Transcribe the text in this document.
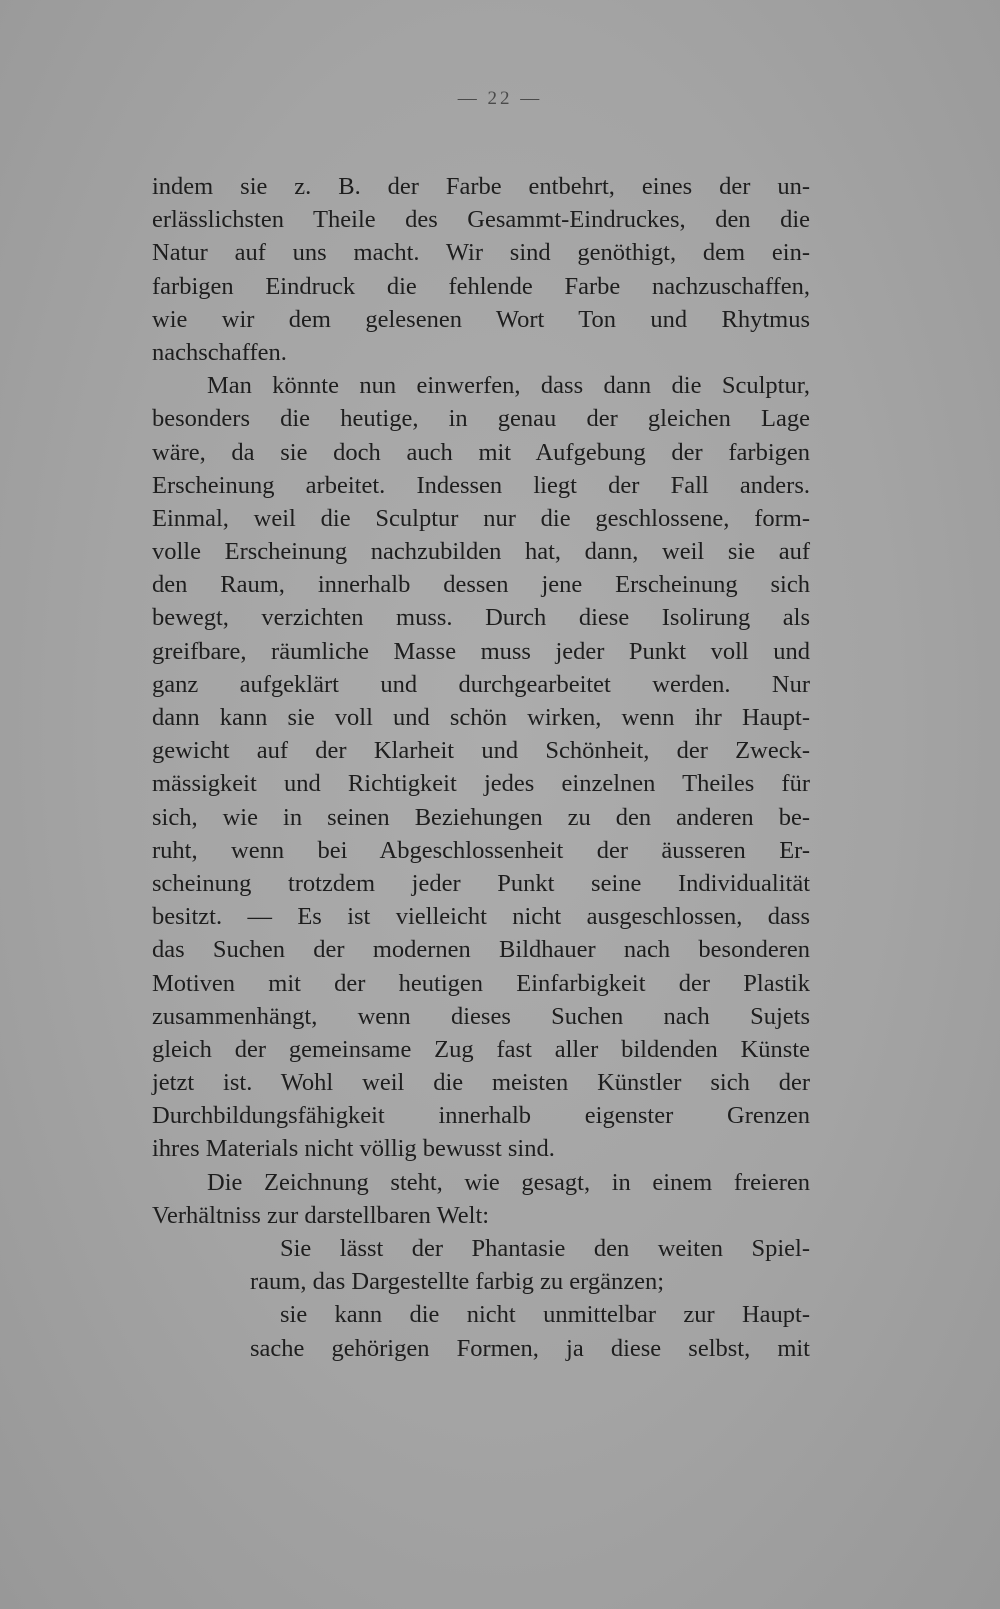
— 22 —
indem sie z. B. der Farbe entbehrt, eines der un-
erlässlichsten Theile des Gesammt-Eindruckes, den die
Natur auf uns macht. Wir sind genöthigt, dem ein-
farbigen Eindruck die fehlende Farbe nachzuschaffen,
wie wir dem gelesenen Wort Ton und Rhytmus
nachschaffen.
Man könnte nun einwerfen, dass dann die Sculptur,
besonders die heutige, in genau der gleichen Lage
wäre, da sie doch auch mit Aufgebung der farbigen
Erscheinung arbeitet. Indessen liegt der Fall anders.
Einmal, weil die Sculptur nur die geschlossene, form-
volle Erscheinung nachzubilden hat, dann, weil sie auf
den Raum, innerhalb dessen jene Erscheinung sich
bewegt, verzichten muss. Durch diese Isolirung als
greifbare, räumliche Masse muss jeder Punkt voll und
ganz aufgeklärt und durchgearbeitet werden. Nur
dann kann sie voll und schön wirken, wenn ihr Haupt-
gewicht auf der Klarheit und Schönheit, der Zweck-
mässigkeit und Richtigkeit jedes einzelnen Theiles für
sich, wie in seinen Beziehungen zu den anderen be-
ruht, wenn bei Abgeschlossenheit der äusseren Er-
scheinung trotzdem jeder Punkt seine Individualität
besitzt. — Es ist vielleicht nicht ausgeschlossen, dass
das Suchen der modernen Bildhauer nach besonderen
Motiven mit der heutigen Einfarbigkeit der Plastik
zusammenhängt, wenn dieses Suchen nach Sujets
gleich der gemeinsame Zug fast aller bildenden Künste
jetzt ist. Wohl weil die meisten Künstler sich der
Durchbildungsfähigkeit innerhalb eigenster Grenzen
ihres Materials nicht völlig bewusst sind.
Die Zeichnung steht, wie gesagt, in einem freieren
Verhältniss zur darstellbaren Welt:
Sie lässt der Phantasie den weiten Spiel-
raum, das Dargestellte farbig zu ergänzen;
sie kann die nicht unmittelbar zur Haupt-
sache gehörigen Formen, ja diese selbst, mit
